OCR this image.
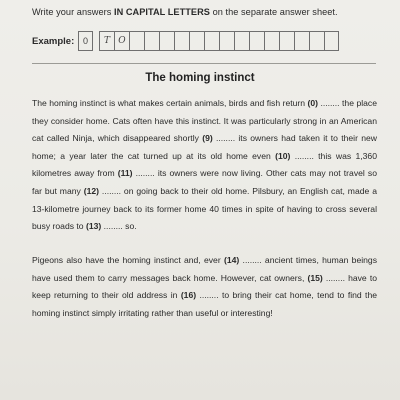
Write your answers IN CAPITAL LETTERS on the separate answer sheet.
Example: 0	T O
The homing instinct

The homing instinct is what makes certain animals, birds and fish return (0) ........ the place they consider home. Cats often have this instinct. It was particularly strong in an American cat called Ninja, which disappeared shortly (9) ........ its owners had taken it to their new home; a year later the cat turned up at its old home even (10) ........ this was 1,360 kilometres away from (11) ........ its owners were now living. Other cats may not travel so far but many (12) ........ on going back to their old home. Pilsbury, an English cat, made a 13-kilometre journey back to its former home 40 times in spite of having to cross several busy roads to (13) ........ so.

Pigeons also have the homing instinct and, ever (14) ........ ancient times, human beings have used them to carry messages back home. However, cat owners, (15) ........ have to keep returning to their old address in (16) ........ to bring their cat home, tend to find the homing instinct simply irritating rather than useful or interesting!
